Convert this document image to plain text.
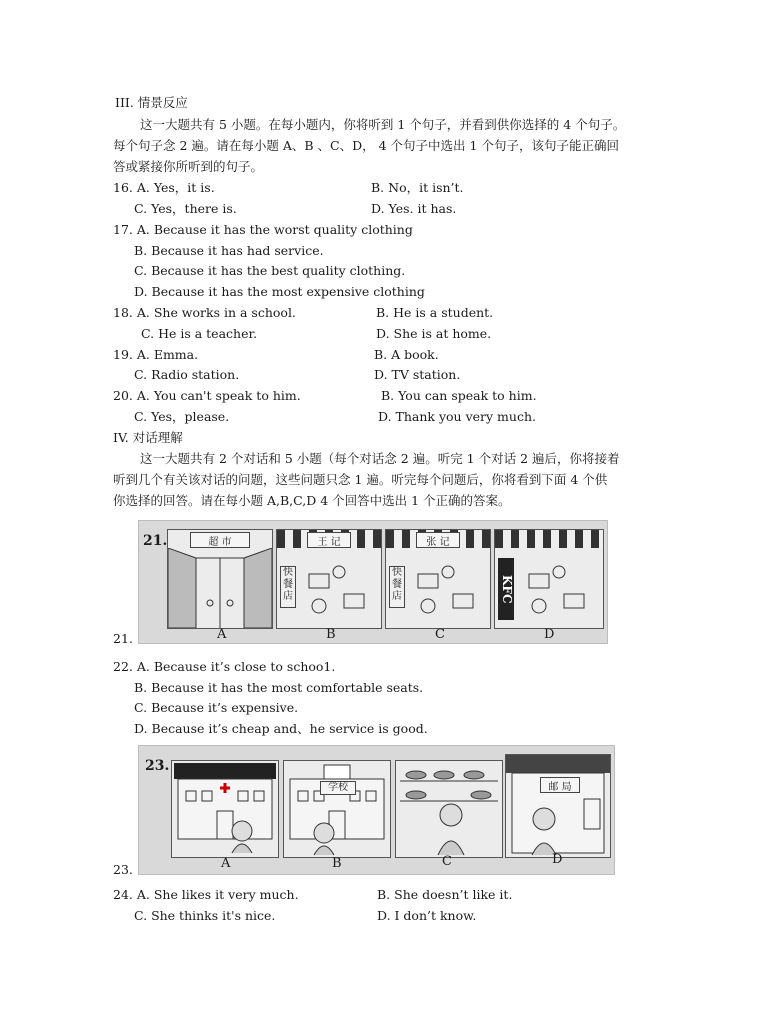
III. 情景反应
这一大题共有 5 小题。在每小题内，你将听到 1 个句子，并看到供你选择的 4 个句子。
每个句子念 2 遍。请在每小题 A、B 、C、D， 4 个句子中选出 1 个句子，该句子能正确回
答或紧接你所听到的句子。
16. A. Yes，it is.	B. No，it isn’t.
C. Yes，there is.	D. Yes. it has.
17. A. Because it has the worst quality clothing
B. Because it has had service.
C. Because it has the best quality clothing.
D. Because it has the most expensive clothing
18. A. She works in a school.	B. He is a student.
C. He is a teacher.	D. She is at home.
19. A. Emma.	B. A book.
C. Radio station.	D. TV station.
20. A. You can't speak to him.	B. You can speak to him.
C. Yes，please.	D. Thank you very much.
IV. 对话理解
这一大题共有 2 个对话和 5 小题（每个对话念 2 遍。听完 1 个对话 2 遍后，你将接着
听到几个有关该对话的问题，这些问题只念 1 遍。听完每个问题后，你将看到下面 4 个供
你选择的回答。请在每小题 A,B,C,D 4 个回答中选出 1 个正确的答案。
21.	超 市	王 记
快餐店
张 记
快餐店	KFC
A	B	C	D
21.
22. A. Because it’s close to schoo1.
B. Because it has the most comfortable seats.
C. Because it’s expensive.
D. Because it’s cheap and、he service is good.
23.
学校	邮 局
A	B	C	D
23.
24. A. She likes it very much.	B. She doesn’t like it.
C. She thinks it's nice.	D. I don’t know.
